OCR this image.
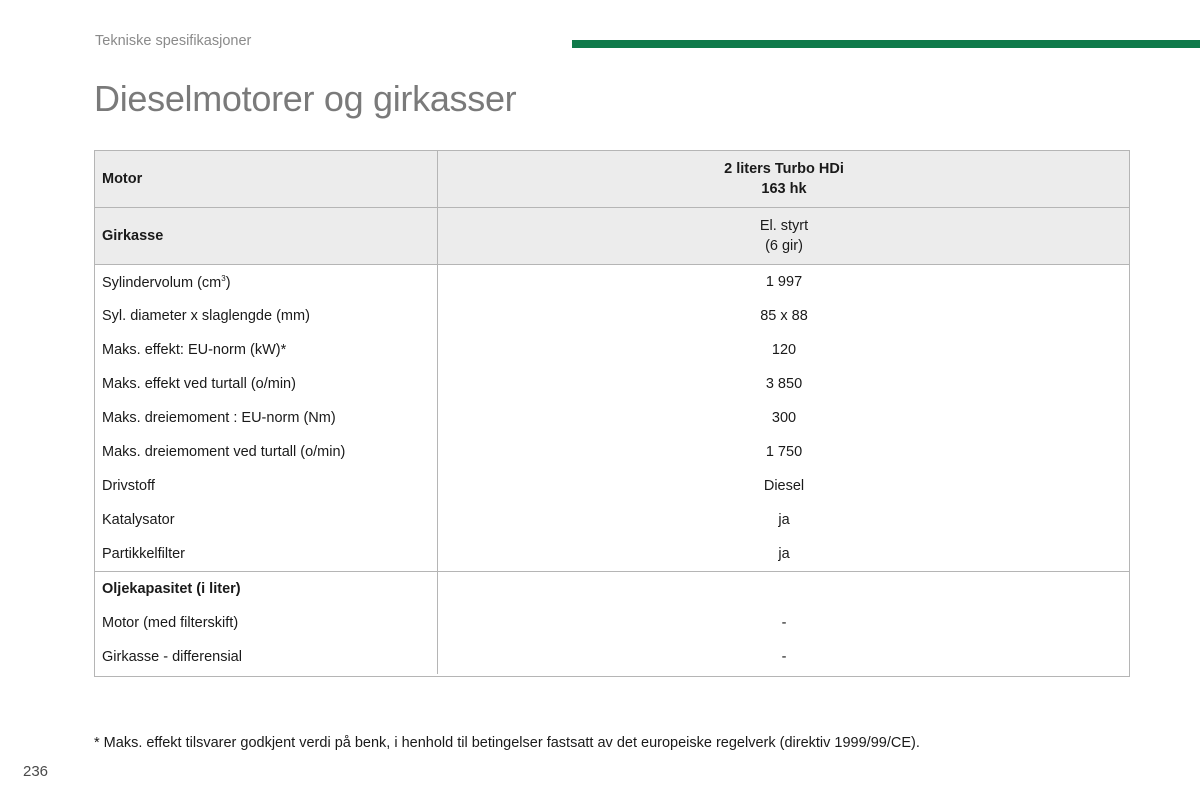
Tekniske spesifikasjoner
Dieselmotorer og girkasser
Motor	2 liters Turbo HDi
163 hk
Girkasse	El. styrt
(6 gir)
Sylindervolum $(cm^3)$	1 997
Syl. diameter x slaglengde (mm)	85 x 88
Maks. effekt: EU-norm (kW)*	120
Maks. effekt ved turtall (o/min)	3 850
Maks. dreiemoment : EU-norm (Nm)	300
Maks. dreiemoment ved turtall (o/min)	1 750
Drivstoff	Diesel
Katalysator	ja
Partikkelfilter	ja
Oljekapasitet (i liter)	
Motor (med filterskift)	-
Girkasse - differensial	-
* Maks. effekt tilsvarer godkjent verdi på benk, i henhold til betingelser fastsatt av det europeiske regelverk (direktiv 1999/99/CE).
236
